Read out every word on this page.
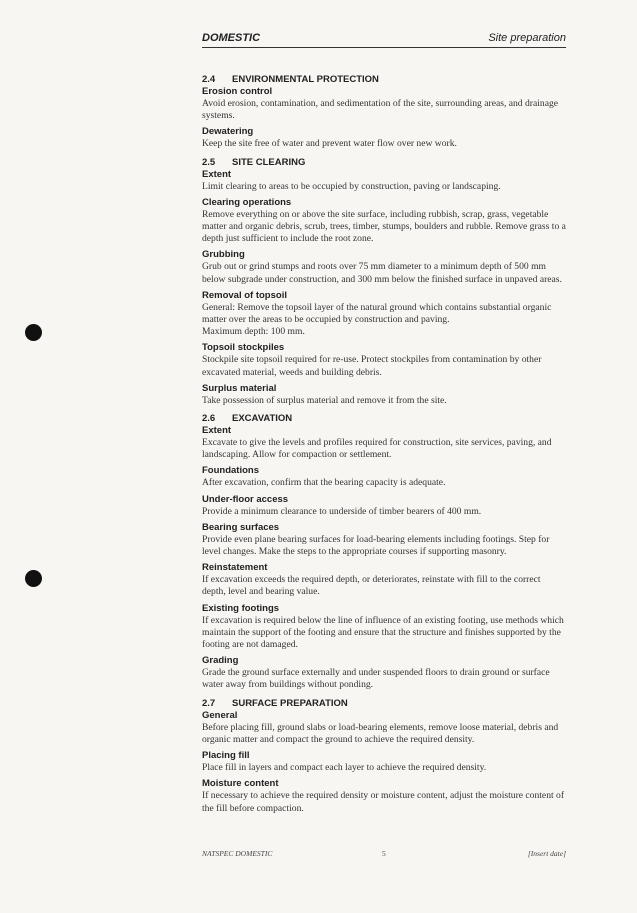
DOMESTIC	Site preparation
2.4 ENVIRONMENTAL PROTECTION
Erosion control

Avoid erosion, contamination, and sedimentation of the site, surrounding areas, and drainage systems.

Dewatering

Keep the site free of water and prevent water flow over new work.

2.5 SITE CLEARING
Extent

Limit clearing to areas to be occupied by construction, paving or landscaping.

Clearing operations

Remove everything on or above the site surface, including rubbish, scrap, grass, vegetable matter and organic debris, scrub, trees, timber, stumps, boulders and rubble. Remove grass to a depth just sufficient to include the root zone.

Grubbing

Grub out or grind stumps and roots over 75 mm diameter to a minimum depth of 500 mm below subgrade under construction, and 300 mm below the finished surface in unpaved areas.

Removal of topsoil

General: Remove the topsoil layer of the natural ground which contains substantial organic matter over the areas to be occupied by construction and paving.

Maximum depth: 100 mm.

Topsoil stockpiles

Stockpile site topsoil required for re-use. Protect stockpiles from contamination by other excavated material, weeds and building debris.

Surplus material

Take possession of surplus material and remove it from the site.

2.6 EXCAVATION
Extent

Excavate to give the levels and profiles required for construction, site services, paving, and landscaping. Allow for compaction or settlement.

Foundations

After excavation, confirm that the bearing capacity is adequate.

Under-floor access

Provide a minimum clearance to underside of timber bearers of 400 mm.

Bearing surfaces

Provide even plane bearing surfaces for load-bearing elements including footings. Step for level changes. Make the steps to the appropriate courses if supporting masonry.

Reinstatement

If excavation exceeds the required depth, or deteriorates, reinstate with fill to the correct depth, level and bearing value.

Existing footings

If excavation is required below the line of influence of an existing footing, use methods which maintain the support of the footing and ensure that the structure and finishes supported by the footing are not damaged.

Grading

Grade the ground surface externally and under suspended floors to drain ground or surface water away from buildings without ponding.

2.7 SURFACE PREPARATION
General

Before placing fill, ground slabs or load-bearing elements, remove loose material, debris and organic matter and compact the ground to achieve the required density.

Placing fill

Place fill in layers and compact each layer to achieve the required density.

Moisture content

If necessary to achieve the required density or moisture content, adjust the moisture content of the fill before compaction.

NATSPEC DOMESTIC	5	[Insert date]
